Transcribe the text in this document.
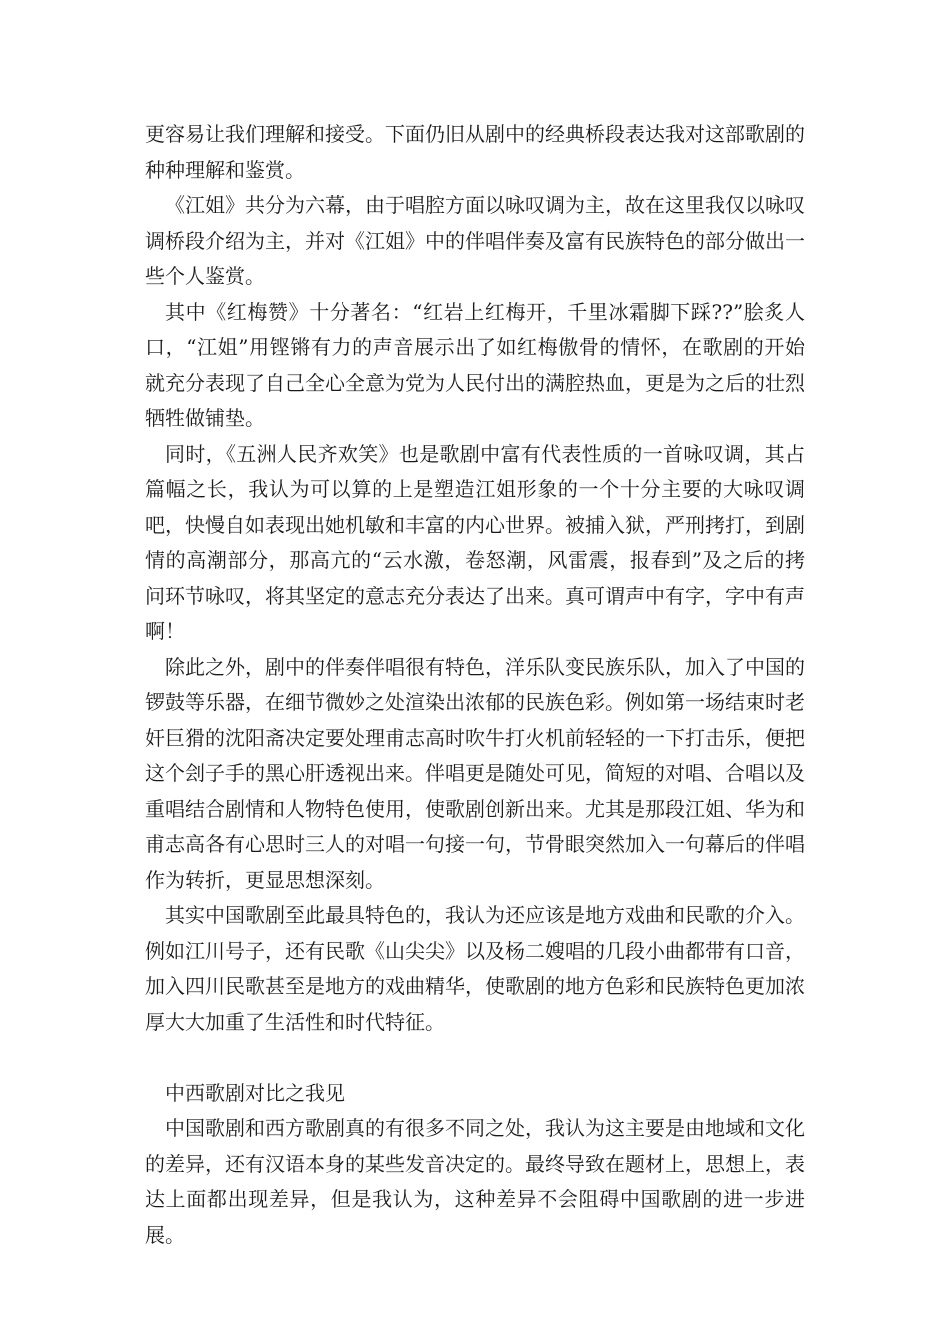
更容易让我们理解和接受。下面仍旧从剧中的经典桥段表达我对这部歌剧的种种理解和鉴赏。

《江姐》共分为六幕，由于唱腔方面以咏叹调为主，故在这里我仅以咏叹调桥段介绍为主，并对《江姐》中的伴唱伴奏及富有民族特色的部分做出一些个人鉴赏。

其中《红梅赞》十分著名：“红岩上红梅开，千里冰霜脚下踩??”脍炙人口，“江姐”用铿锵有力的声音展示出了如红梅傲骨的情怀，在歌剧的开始就充分表现了自己全心全意为党为人民付出的满腔热血，更是为之后的壮烈牺牲做铺垫。

同时，《五洲人民齐欢笑》也是歌剧中富有代表性质的一首咏叹调，其占篇幅之长，我认为可以算的上是塑造江姐形象的一个十分主要的大咏叹调吧，快慢自如表现出她机敏和丰富的内心世界。被捕入狱，严刑拷打，到剧情的高潮部分，那高亢的“云水激，卷怒潮，风雷震，报春到”及之后的拷问环节咏叹，将其坚定的意志充分表达了出来。真可谓声中有字，字中有声啊！

除此之外，剧中的伴奏伴唱很有特色，洋乐队变民族乐队，加入了中国的锣鼓等乐器，在细节微妙之处渲染出浓郁的民族色彩。例如第一场结束时老奸巨猾的沈阳斋决定要处理甫志高时吹牛打火机前轻轻的一下打击乐，便把这个刽子手的黑心肝透视出来。伴唱更是随处可见，简短的对唱、合唱以及重唱结合剧情和人物特色使用，使歌剧创新出来。尤其是那段江姐、华为和甫志高各有心思时三人的对唱一句接一句，节骨眼突然加入一句幕后的伴唱作为转折，更显思想深刻。

其实中国歌剧至此最具特色的，我认为还应该是地方戏曲和民歌的介入。例如江川号子，还有民歌《山尖尖》以及杨二嫂唱的几段小曲都带有口音，加入四川民歌甚至是地方的戏曲精华，使歌剧的地方色彩和民族特色更加浓厚大大加重了生活性和时代特征。

中西歌剧对比之我见

中国歌剧和西方歌剧真的有很多不同之处，我认为这主要是由地域和文化的差异，还有汉语本身的某些发音决定的。最终导致在题材上，思想上，表达上面都出现差异，但是我认为，这种差异不会阻碍中国歌剧的进一步进展。
